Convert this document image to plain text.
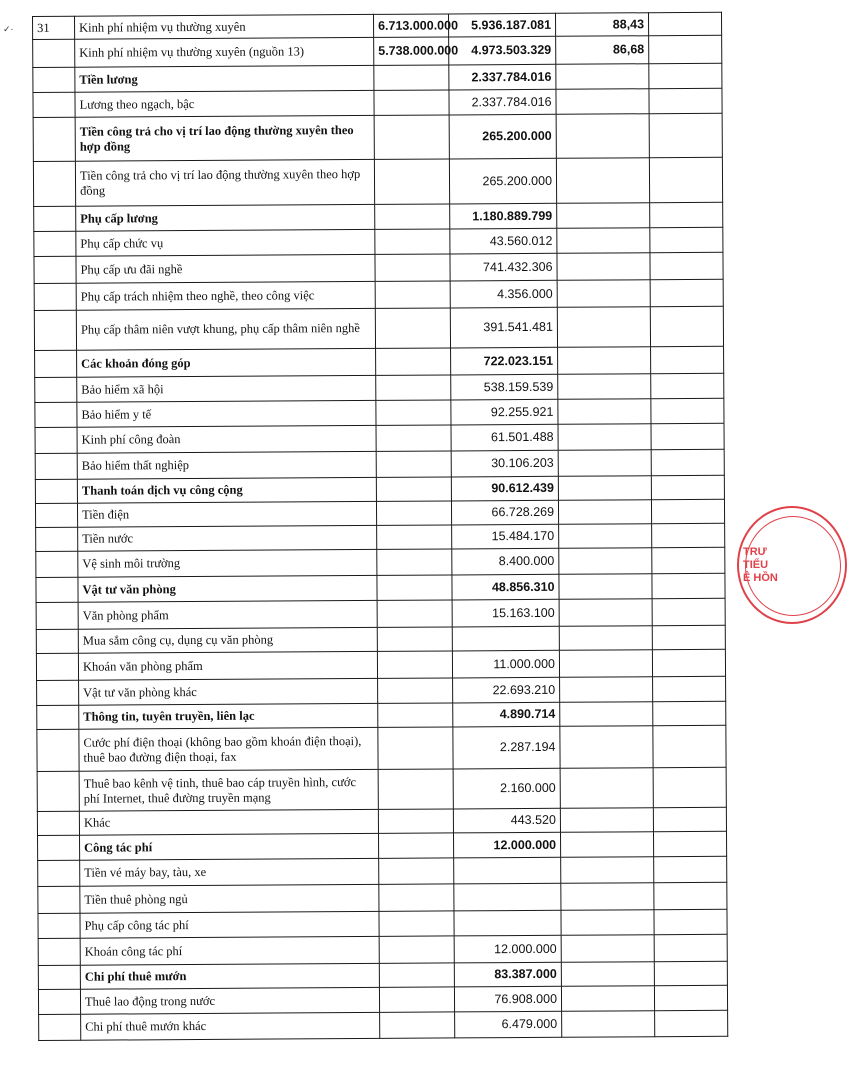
✓· 31	Kinh phí nhiệm vụ thường xuyên	6.713.000.000	5.936.187.081	88,43	
	Kinh phí nhiệm vụ thường xuyên (nguồn 13)	5.738.000.000	4.973.503.329	86,68	
	Tiền lương		2.337.784.016		
	Lương theo ngạch, bậc		2.337.784.016		
	Tiền công trả cho vị trí lao động thường xuyên theo hợp đồng		265.200.000		
	Tiền công trả cho vị trí lao động thường xuyên theo hợp đồng		265.200.000		
	Phụ cấp lương		1.180.889.799		
	Phụ cấp chức vụ		43.560.012		
	Phụ cấp ưu đãi nghề		741.432.306		
	Phụ cấp trách nhiệm theo nghề, theo công việc		4.356.000		
	Phụ cấp thâm niên vượt khung, phụ cấp thâm niên nghề		391.541.481		
	Các khoản đóng góp		722.023.151		
	Bảo hiểm xã hội		538.159.539		
	Bảo hiểm y tế		92.255.921		
	Kinh phí công đoàn		61.501.488		
	Bảo hiểm thất nghiệp		30.106.203		
	Thanh toán dịch vụ công cộng		90.612.439		
	Tiền điện		66.728.269		
	Tiền nước		15.484.170		
	Vệ sinh môi trường		8.400.000		
	Vật tư văn phòng		48.856.310		
	Văn phòng phẩm		15.163.100		
	Mua sắm công cụ, dụng cụ văn phòng				
	Khoán văn phòng phẩm		11.000.000		
	Vật tư văn phòng khác		22.693.210		
	Thông tin, tuyên truyền, liên lạc		4.890.714		
	Cước phí điện thoại (không bao gồm khoán điện thoại), thuê bao đường điện thoại, fax		2.287.194		
	Thuê bao kênh vệ tinh, thuê bao cáp truyền hình, cước phí Internet, thuê đường truyền mạng		2.160.000		
	Khác		443.520		
	Công tác phí		12.000.000		
	Tiền vé máy bay, tàu, xe				
	Tiền thuê phòng ngủ				
	Phụ cấp công tác phí				
	Khoán công tác phí		12.000.000		
	Chi phí thuê mướn		83.387.000		
	Thuê lao động trong nước		76.908.000		
	Chi phí thuê mướn khác		6.479.000		
TRƯ
TIỂU
Ê HỒN
